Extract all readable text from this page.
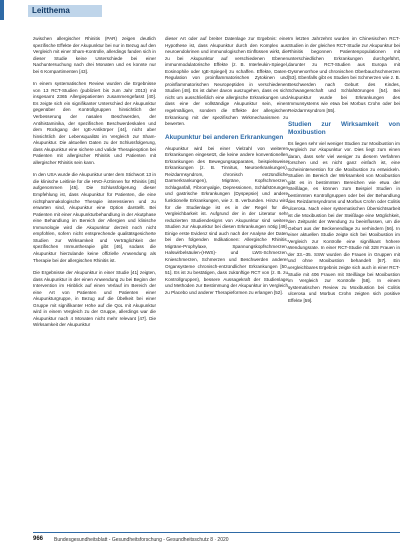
Leitthema

zwischen allergischer Rhinitis (PAR) zeigen deutlich spezifische Effekte der Akupunktur bei nur in Bezug auf den Vergleich mit einer Sham-Kontrolle, allerdings fanden sich in dieser Studie keine Unterschiede bei einer Nachuntersuchung nach drei Monaten und es konnte nur bei 6 Kompartimenten [43].

In einem systematischen Review wurden die Ergebnisse von 13 RCT-Studien (publiziert bis zum Jahr 2013) mit insgesamt 2365 Allergiepatienten zusammengefasst [40]. Es zeigte sich ein signifikanter Unterschied der Akupunktur gegenüber den Kontrollgruppen hinsichtlich der Verbesserung der nasalen Beschwerden, der Antihistaminika, der spezifischen Beschwerdeskalen und dem Rückgang der IgE-Antikörper [44], nicht aber hinsichtlich der Lebensqualität im Vergleich zur Sham-Akupunktur. Die aktuellen Daten zu der Schlussfolgerung, dass Akupunktur eine sichere und valide Therapieoption bei Patienten mit allergischer Rhinitis und Patienten mit allergischer Rhinitis sein kann.

In den USA wurde die Akupunktur unter dem Stichwort 13 in die klinische Leitlinie für die HNO-Ärztinnen für Rhinitis [45] aufgenommen [45]. Die Schlussfolgerung dieser Empfehlung ist, dass Akupunktur für Patienten, die eine nichtpharmakologische Therapie interessieren und zu erwarten sind, Akupunktur eine Option darstellt. Bei Patienten mit einer Akupunkturbehandlung in der Akutphase eine Behandlung im Bereich der Allergien und klinische Immunologie wird die Akupunktur derzeit noch nicht empfohlen, sofern nicht entsprechende qualitätsgesicherte Studien zur Wirksamkeit und Verträglichkeit der spezifischen Immuntherapie gibt [46], sodass die Akupunktur hierzulande keine offizielle Anwendung als Therapie bei der allergischen Rhinitis ist.

Die Ergebnisse der Akupunktur in einer Studie [41] zeigten, dass Akupunktur in der einen Anwendung zu bei Beginn der Intervention im Hinblick auf einen Verlauf im Bereich der eine Art von Patienten und Patienten einer Akupunkturgruppe, in Bezug auf die Übelkeit bei einer Gruppe mit signifikanter Höhe auf die QoL mit Akupunktur wird in einem Vergleich zu der Gruppe, allerdings war die Akupunktur nach 4 Monaten nicht mehr relevant [47]. Die Wirksamkeit der Akupunktur

dieser Art oder auf breiter Datenlage zur Ergebnis: eine Hypothese ist, dass Akupunktur durch den Komplex aus neuroendokrinen und immunologischen Einflüssen wirkt, die zu bei Akupunktur auf verschiedenen Ebenen immunmodulatorische Effekte (z. B. Interleukin-Spiegel, Eosinophile oder IgE-Spiegel) zu schaffen. Effekte, Daten-Regulation von proinflammatorischen Zytokinen und proinflammatorischen Neuropeptiden in verschiedenen Studien [48]. Es ist daher davon auszugehen, dass es sich nicht um ausschließlich eine allergische Erkrankungen und dass eine der vollständige Akupunktur sein, einen regelmäßigen, sondern die Effekte der allergischen Erkrankung mit der spezifischen Wirkmechanismen zu bewerten.

Akupunktur bei anderen Erkrankungen

Akupunktur wird bei einer Vielzahl von weiteren Erkrankungen eingesetzt, die keine andere konventionellen Erkrankungen des Bewegungsapparates, beispielsweise Erkrankungen (z. B. Tinnitus, Neuroerkrankungen), Reizdarmsyndrom, chronisch entzündliche Darmerkrankungen), Migräne, Kopfschmerzen, Schlaganfall, Fibromyalgie, Depressionen, Schlafstörungen und gastrische Erkrankungen (Dyspepsie) und andere funktionelle Erkrankungen, wie z. B. verbunden. Hinzu wird für die Studienlage ist es in der Regel für die Vergleichbarkeit ist. Aufgrund der in der Literatur sehr reduzierten Studiendesigns von Akupunktur sind weitere Studien zur Akupunktur bei diesen Erkrankungen nötig [49]. Einige erste Evidenz sind auch nach der Analyse der Daten bei den folgenden Indikationen: Allergische Rhinitis, Migräne-Prophylaxe, Spannungskopfschmerzen, Halswirbelsäulen-(HWS)- und LWS-Schmerzen, Knieschmerzen, Schmerzen und Beschwerden anderer Organsysteme chronisch-entzündlicher Erkrankungen [50, 51]. Es ist zu bestätigen, dass zukünftige RCT von (z. B. zu Kontrollgruppen), bessere Aussagekraft der Studienlage und Methoden zur Bestimmung der Akupunktur im Vergleich zu Placebo und anderer Therapieformen zu erlangen [52].

Im letzten Jahrzehnt wurden im Chinesischen RCT-Studien in der gleichen RCT-Studie zur Akupunktur bei Rhinitis begonnen Patientenpopulationen mit unterschiedlichen Erkrankungen durchgeführt, darunter zu RCT-Studien aus Europa mit Dysmenorrhoe und chronischen Oberbauchschmerzen [53]. Ebenfalls gibt es Studien bei Schmerzen wie z. B. Beschwerden nach Geburt des Kindes, Schwangerschaft und Schlafstörungen [54]. Bei Akupunktur wurde bei Erkrankungen des Immunsystems wie etwa bei Morbus Crohn oder bei Reizdarmsyndrom [55].

Studien zur Wirksamkeit von Moxibustion

Es liegen sehr viel weniger Studien zur Moxibustion im Vergleich zur Akupunktur vor. Dies liegt zum einen daran, dass sehr viel weniger zu diesem Verfahren forschen und es nicht ganz einfach ist, eine Scheinintervention für die Moxibustion zu entwickeln. Studien im Bereich der Wirksamkeit von Moxibustion gibt es in bestimmten Bereichen wie etwa der Steißlage, es können zum Beispiel Studien in bestimmten Kontrollgruppen oder bei der Behandlung des Reizdarmsyndroms und Morbus Crohn oder Colitis ulcerosa. Nach einer systematischen Übersichtsarbeit ist die Moxibustion bei der Steißlage eine Möglichkeit, den Zeitpunkt der Wendung zu beeinflussen, um die Geburt aus der Beckenendlage zu verhindern [56]. In einer aktuellen Studie zeigte sich bei Moxibustion im Vergleich zur Kontrolle eine signifikant höhere Wendungsrate. In einer RCT-Studie mit 328 Frauen in der 33.–35. SSW wurden die Frauen in Gruppen mit und ohne Moxibustion behandelt [57]. Ein vergleichbares Ergebnis zeigte sich auch in einer RCT-Studie mit 406 Frauen mit Steißlage bei Moxibustion im Vergleich zur Kontrolle [58]. In einem systematischen Review zu Moxibustion bei Colitis ulcerosa und Morbus Crohn zeigten sich positive Effekte [59].

966 Bundesgesundheitsblatt - Gesundheitsforschung - Gesundheitsschutz 8 · 2020
